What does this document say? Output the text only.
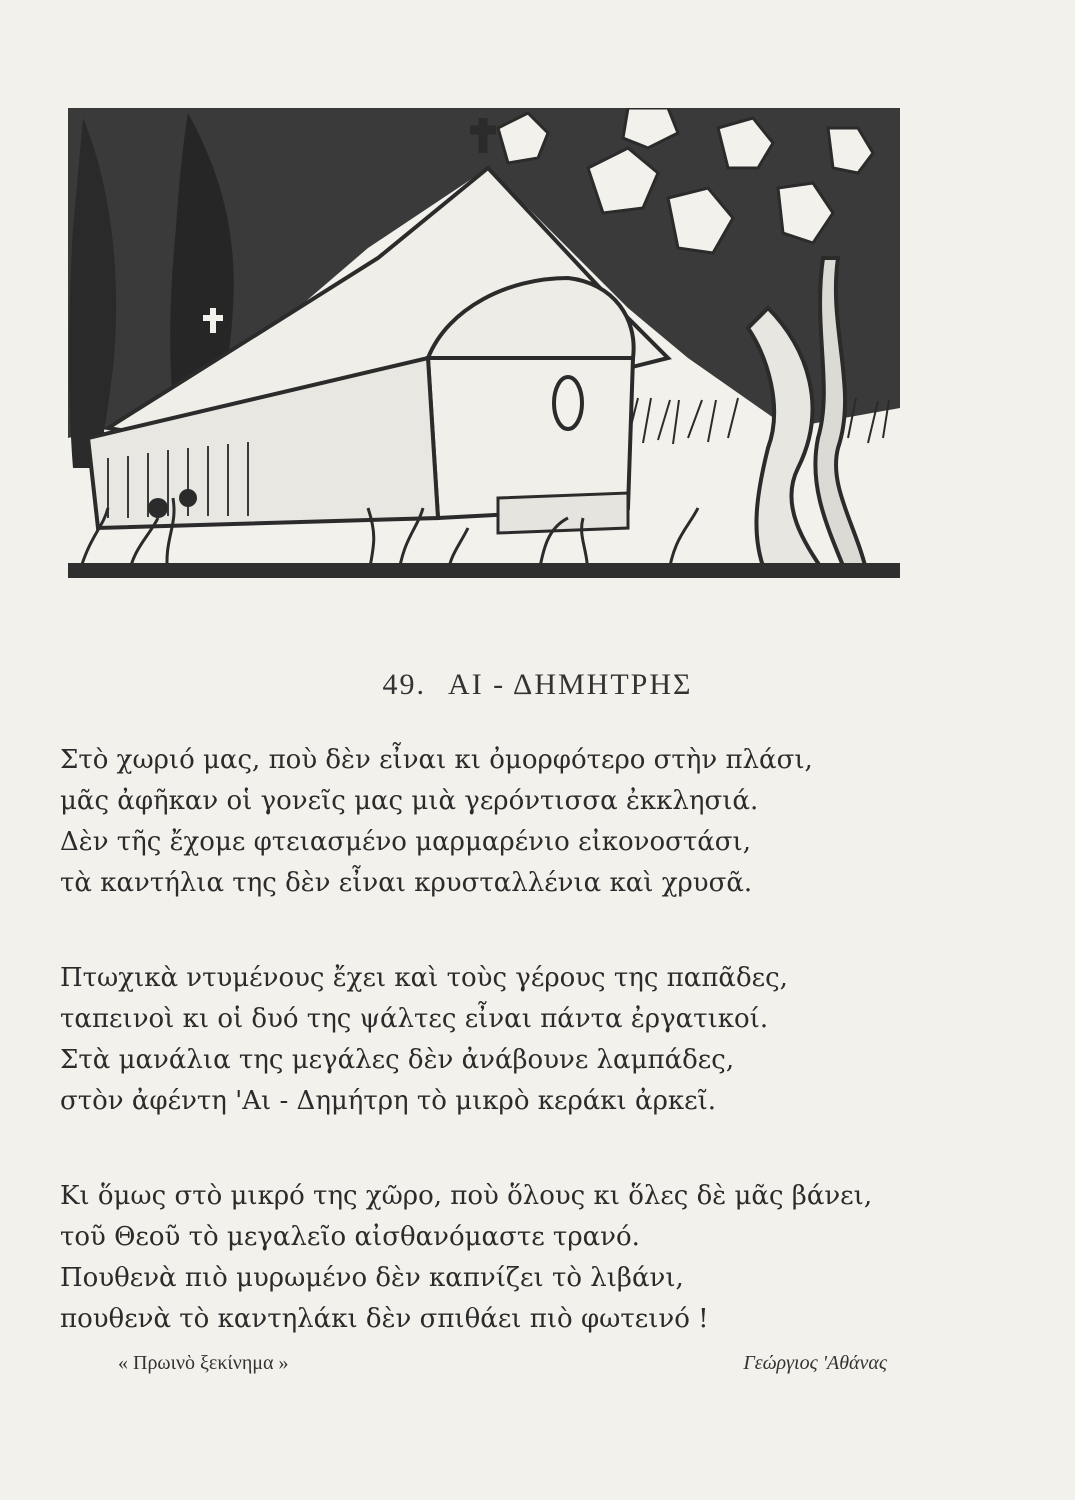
49. ΑΙ - ΔΗΜΗΤΡΗΣ
Στὸ χωριό μας, ποὺ δὲν εἶναι κι ὀμορφότερο στὴν πλάσι,
μᾶς ἀφῆκαν οἱ γονεῖς μας μιὰ γερόντισσα ἐκκλησιά.
Δὲν τῆς ἔχομε φτειασμένο μαρμαρένιο εἰκονοστάσι,
τὰ καντήλια της δὲν εἶναι κρυσταλλένια καὶ χρυσᾶ.
Πτωχικὰ ντυμένους ἔχει καὶ τοὺς γέρους της παπᾶδες,
ταπεινοὶ κι οἱ δυό της ψάλτες εἶναι πάντα ἐργατικοί.
Στὰ μανάλια της μεγάλες δὲν ἀνάβουνε λαμπάδες,
στὸν ἀφέντη 'Αι - Δημήτρη τὸ μικρὸ κεράκι ἀρκεῖ.
Κι ὅμως στὸ μικρό της χῶρο, ποὺ ὅλους κι ὅλες δὲ μᾶς βάνει,
τοῦ Θεοῦ τὸ μεγαλεῖο αἰσθανόμαστε τρανό.
Πουθενὰ πιὸ μυρωμένο δὲν καπνίζει τὸ λιβάνι,
πουθενὰ τὸ καντηλάκι δὲν σπιθάει πιὸ φωτεινό !
« Πρωινὸ ξεκίνημα »	Γεώργιος 'Αθάνας
